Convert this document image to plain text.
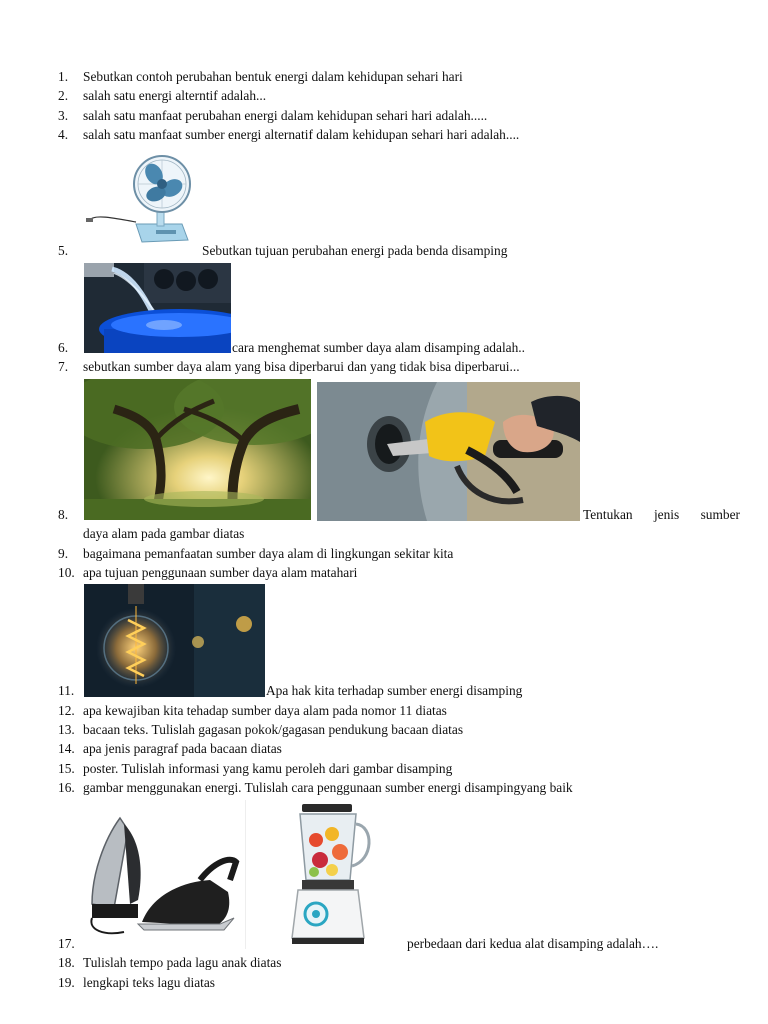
1. Sebutkan contoh perubahan bentuk energi dalam kehidupan sehari hari
2. salah satu energi alterntif adalah...
3. salah satu manfaat perubahan energi dalam kehidupan sehari hari adalah.....
4. salah satu manfaat sumber energi alternatif dalam kehidupan sehari hari adalah....
5.	Sebutkan tujuan perubahan energi pada benda disamping
6.	cara menghemat sumber daya alam disamping adalah..
7. sebutkan sumber daya alam yang bisa diperbarui dan yang tidak bisa diperbarui...
8.	Tentukan jenis sumber
daya alam pada gambar diatas
9. bagaimana pemanfaatan sumber daya alam di lingkungan sekitar kita
10. apa tujuan penggunaan sumber daya alam matahari
11.	Apa hak kita terhadap sumber energi disamping
12. apa kewajiban kita tehadap sumber daya alam pada nomor 11 diatas
13. bacaan teks. Tulislah gagasan pokok/gagasan pendukung bacaan diatas
14. apa jenis paragraf pada bacaan diatas
15. poster. Tulislah informasi yang kamu peroleh dari gambar disamping
16. gambar menggunakan energi. Tulislah cara penggunaan sumber energi disampingyang baik
17.	perbedaan dari kedua alat disamping adalah….
18. Tulislah tempo pada lagu anak diatas
19. lengkapi teks lagu diatas
